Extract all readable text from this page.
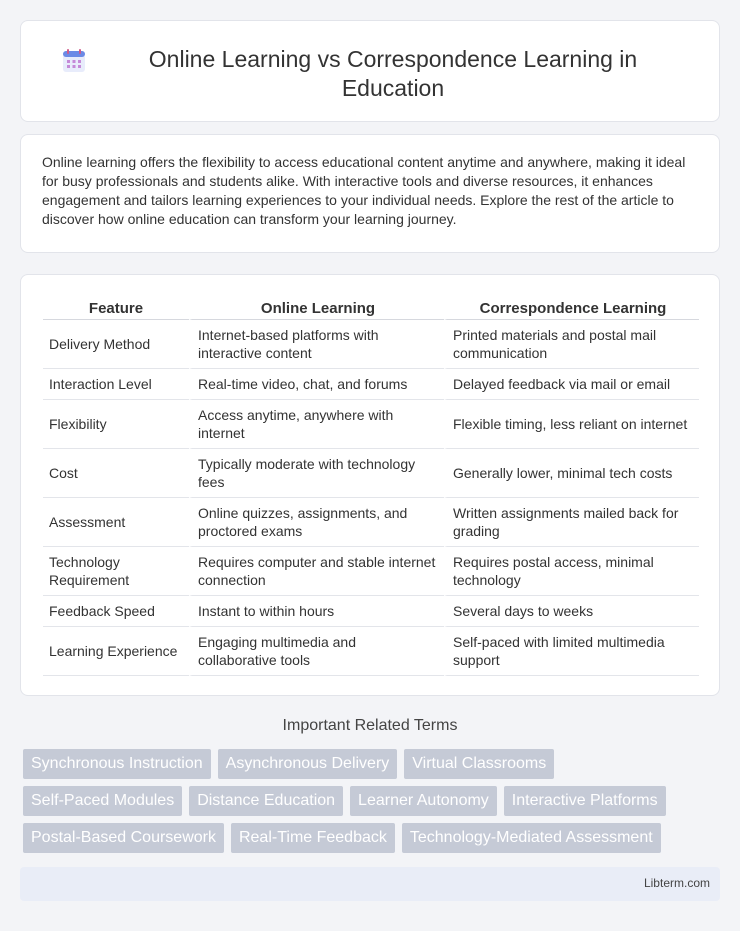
Online Learning vs Correspondence Learning in Education

Online learning offers the flexibility to access educational content anytime and anywhere, making it ideal for busy professionals and students alike. With interactive tools and diverse resources, it enhances engagement and tailors learning experiences to your individual needs. Explore the rest of the article to discover how online education can transform your learning journey.

Feature	Online Learning	Correspondence Learning
Delivery Method	Internet-based platforms with interactive content	Printed materials and postal mail communication
Interaction Level	Real-time video, chat, and forums	Delayed feedback via mail or email
Flexibility	Access anytime, anywhere with internet	Flexible timing, less reliant on internet
Cost	Typically moderate with technology fees	Generally lower, minimal tech costs
Assessment	Online quizzes, assignments, and proctored exams	Written assignments mailed back for grading
Technology Requirement	Requires computer and stable internet connection	Requires postal access, minimal technology
Feedback Speed	Instant to within hours	Several days to weeks
Learning Experience	Engaging multimedia and collaborative tools	Self-paced with limited multimedia support
Important Related Terms
Synchronous Instruction	Asynchronous Delivery	Virtual Classrooms
Self-Paced Modules	Distance Education	Learner Autonomy	Interactive Platforms
Postal-Based Coursework	Real-Time Feedback	Technology-Mediated Assessment
Libterm.com
